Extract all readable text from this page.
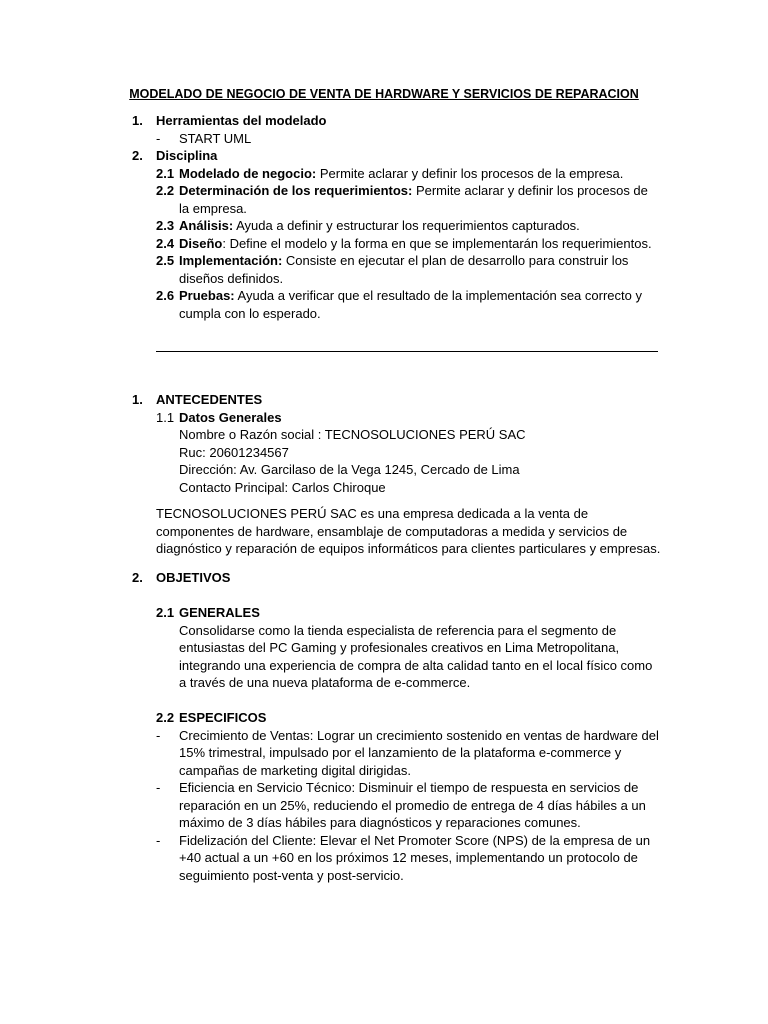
MODELADO DE NEGOCIO DE VENTA DE HARDWARE Y SERVICIOS DE REPARACION
1. Herramientas del modelado
- START UML
2. Disciplina
2.1 Modelado de negocio: Permite aclarar y definir los procesos de la empresa.
2.2 Determinación de los requerimientos: Permite aclarar y definir los procesos de la empresa.
2.3 Análisis: Ayuda a definir y estructurar los requerimientos capturados.
2.4 Diseño: Define el modelo y la forma en que se implementarán los requerimientos.
2.5 Implementación: Consiste en ejecutar el plan de desarrollo para construir los diseños definidos.
2.6 Pruebas: Ayuda a verificar que el resultado de la implementación sea correcto y cumpla con lo esperado.
1. ANTECEDENTES
1.1 Datos Generales
Nombre o Razón social : TECNOSOLUCIONES PERÚ SAC
Ruc: 20601234567
Dirección: Av. Garcilaso de la Vega 1245, Cercado de Lima
Contacto Principal: Carlos Chiroque
TECNOSOLUCIONES PERÚ SAC es una empresa dedicada a la venta de componentes de hardware, ensamblaje de computadoras a medida y servicios de diagnóstico y reparación de equipos informáticos para clientes particulares y empresas.
2. OBJETIVOS
2.1 GENERALES
Consolidarse como la tienda especialista de referencia para el segmento de entusiastas del PC Gaming y profesionales creativos en Lima Metropolitana, integrando una experiencia de compra de alta calidad tanto en el local físico como a través de una nueva plataforma de e-commerce.
2.2 ESPECIFICOS
- Crecimiento de Ventas: Lograr un crecimiento sostenido en ventas de hardware del 15% trimestral, impulsado por el lanzamiento de la plataforma e-commerce y campañas de marketing digital dirigidas.
- Eficiencia en Servicio Técnico: Disminuir el tiempo de respuesta en servicios de reparación en un 25%, reduciendo el promedio de entrega de 4 días hábiles a un máximo de 3 días hábiles para diagnósticos y reparaciones comunes.
- Fidelización del Cliente: Elevar el Net Promoter Score (NPS) de la empresa de un +40 actual a un +60 en los próximos 12 meses, implementando un protocolo de seguimiento post-venta y post-servicio.
